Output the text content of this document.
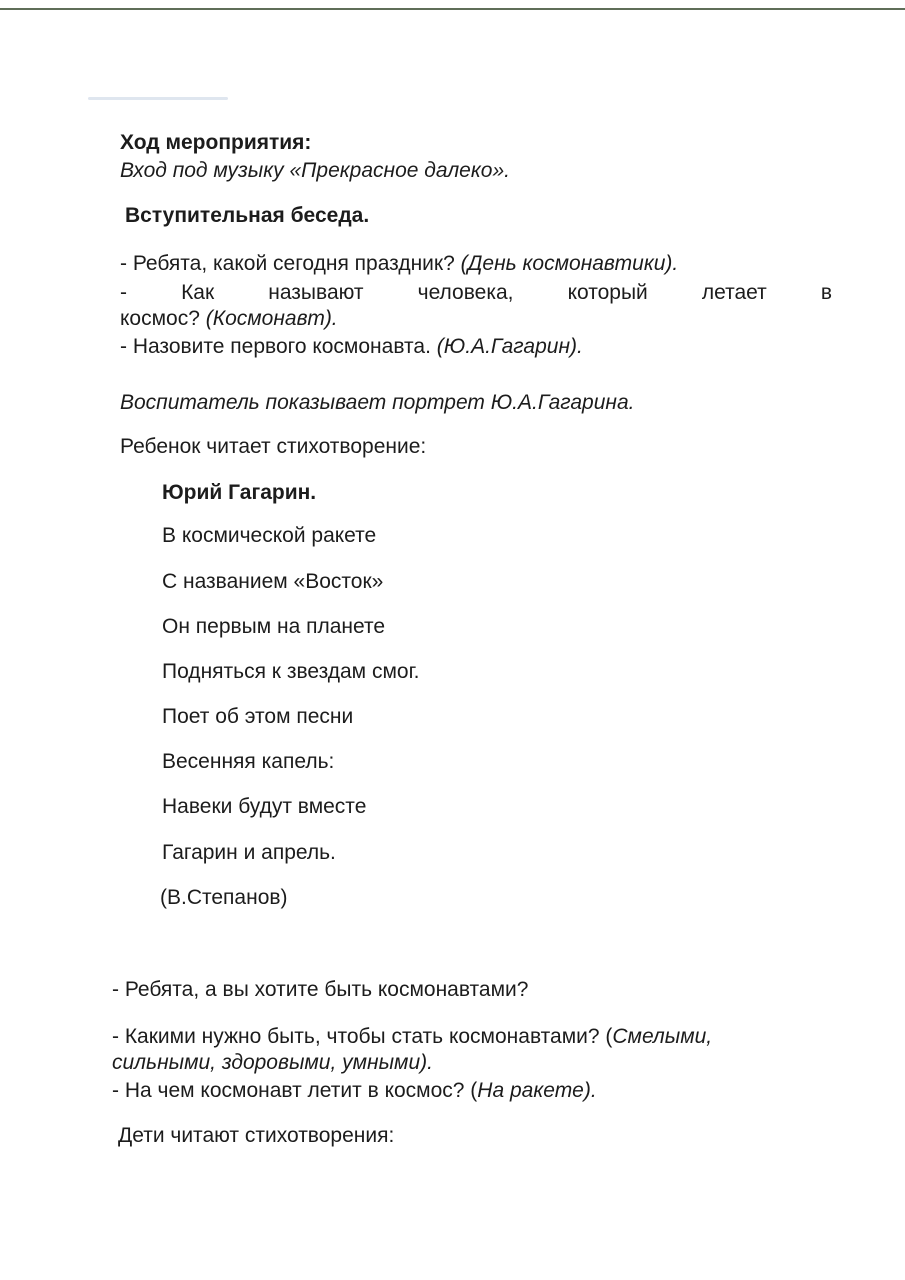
Ход мероприятия:

Вход под музыку «Прекрасное далеко».

Вступительная беседа.

- Ребята, какой сегодня праздник? (День космонавтики).

-	Как	называют	человека,	который	летает	в

космос? (Космонавт).

- Назовите первого космонавта. (Ю.А.Гагарин).

Воспитатель показывает портрет Ю.А.Гагарина.

Ребенок читает стихотворение:

Юрий Гагарин.

В космической ракете

С названием «Восток»

Он первым на планете

Подняться к звездам смог.

Поет об этом песни

Весенняя капель:

Навеки будут вместе

Гагарин и апрель.

(В.Степанов)

- Ребята, а вы хотите быть космонавтами?

- Какими нужно быть, чтобы стать космонавтами? (Смелыми,

сильными, здоровыми, умными).

- На чем космонавт летит в космос? (На ракете).

Дети читают стихотворения:
